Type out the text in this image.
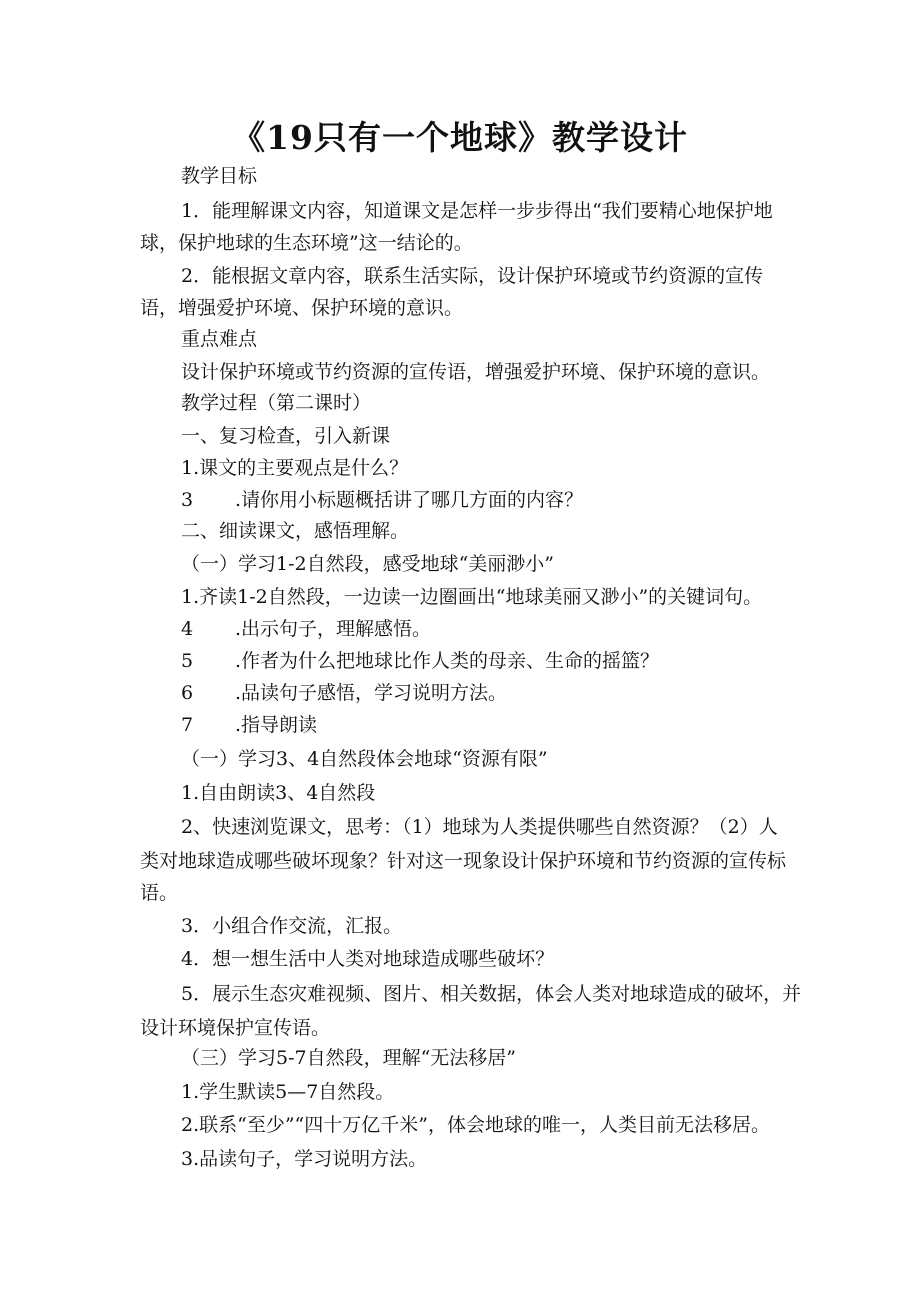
《19只有一个地球》教学设计
教学目标
1．能理解课文内容，知道课文是怎样一步步得出“我们要精心地保护地
球，保护地球的生态环境”这一结论的。
2．能根据文章内容，联系生活实际，设计保护环境或节约资源的宣传
语，增强爱护环境、保护环境的意识。
重点难点
设计保护环境或节约资源的宣传语，增强爱护环境、保护环境的意识。
教学过程（第二课时）
一、复习检查，引入新课
1.课文的主要观点是什么？
3 .请你用小标题概括讲了哪几方面的内容？
二、细读课文，感悟理解。
（一）学习1-2自然段，感受地球“美丽渺小”
1.齐读1-2自然段，一边读一边圈画出“地球美丽又渺小”的关键词句。
4 .出示句子，理解感悟。
5 .作者为什么把地球比作人类的母亲、生命的摇篮？
6 .品读句子感悟，学习说明方法。
7 .指导朗读
（一）学习3、4自然段体会地球“资源有限”
1.自由朗读3、4自然段
2、快速浏览课文，思考：（1）地球为人类提供哪些自然资源？（2）人
类对地球造成哪些破坏现象？针对这一现象设计保护环境和节约资源的宣传标
语。
3．小组合作交流，汇报。
4．想一想生活中人类对地球造成哪些破坏？
5．展示生态灾难视频、图片、相关数据，体会人类对地球造成的破坏，并
设计环境保护宣传语。
（三）学习5-7自然段，理解“无法移居”
1.学生默读5—7自然段。
2.联系“至少”“四十万亿千米”，体会地球的唯一，人类目前无法移居。
3.品读句子，学习说明方法。
